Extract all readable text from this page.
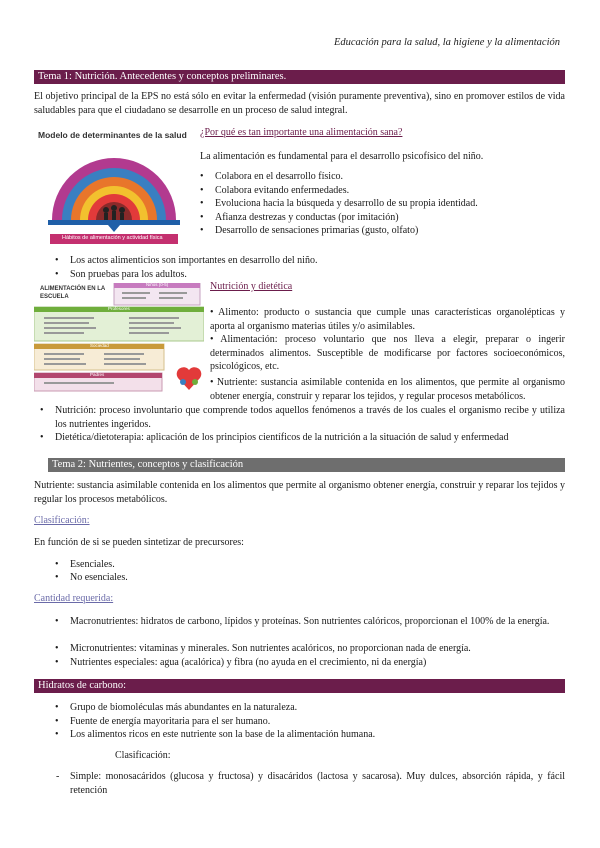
Educación para la salud, la higiene y la alimentación
Tema 1: Nutrición. Antecedentes y conceptos preliminares.
El objetivo principal de la EPS no está sólo en evitar la enfermedad (visión puramente preventiva), sino en promover estilos de vida saludables para que el ciudadano se desarrolle en un proceso de salud integral.
Modelo de determinantes de la salud
Hábitos de alimentación y actividad física
¿Por qué es tan importante una alimentación sana?
La alimentación es fundamental para el desarrollo psicofísico del niño.
• Colabora en el desarrollo físico.
• Colabora evitando enfermedades.
• Evoluciona hacia la búsqueda y desarrollo de su propia identidad.
• Afianza destrezas y conductas (por imitación)
• Desarrollo de sensaciones primarias (gusto, olfato)
• Los actos alimenticios son importantes en desarrollo del niño.
• Son pruebas para los adultos.
ALIMENTACIÓN EN LA ESCUELA
Niños (0-5)
Profesores
Sociedad
Padres
Nutrición y dietética
• Alimento: producto o sustancia que cumple unas características organolépticas y aporta al organismo materias útiles y/o asimilables.
• Alimentación: proceso voluntario que nos lleva a elegir, preparar o ingerir determinados alimentos. Susceptible de modificarse por factores socioeconómicos, psicológicos, etc.
• Nutriente: sustancia asimilable contenida en los alimentos, que permite al organismo obtener energía, construir y reparar los tejidos, y regular procesos metabólicos.
• Nutrición: proceso involuntario que comprende todos aquellos fenómenos a través de los cuales el organismo recibe y utiliza los nutrientes ingeridos.
• Dietética/dietoterapia: aplicación de los principios científicos de la nutrición a la situación de salud y enfermedad
Tema 2: Nutrientes, conceptos y clasificación
Nutriente: sustancia asimilable contenida en los alimentos que permite al organismo obtener energía, construir y reparar los tejidos y regular los procesos metabólicos.
Clasificación:
En función de si se pueden sintetizar de precursores:
• Esenciales.
• No esenciales.
Cantidad requerida:
• Macronutrientes: hidratos de carbono, lípidos y proteínas. Son nutrientes calóricos, proporcionan el 100% de la energía.
• Micronutrientes: vitaminas y minerales. Son nutrientes acalóricos, no proporcionan nada de energía.
• Nutrientes especiales: agua (acalórica) y fibra (no ayuda en el crecimiento, ni da energía)
Hidratos de carbono:
• Grupo de biomoléculas más abundantes en la naturaleza.
• Fuente de energía mayoritaria para el ser humano.
• Los alimentos ricos en este nutriente son la base de la alimentación humana.
Clasificación:
- Simple: monosacáridos (glucosa y fructosa) y disacáridos (lactosa y sacarosa). Muy dulces, absorción rápida, y fácil retención
